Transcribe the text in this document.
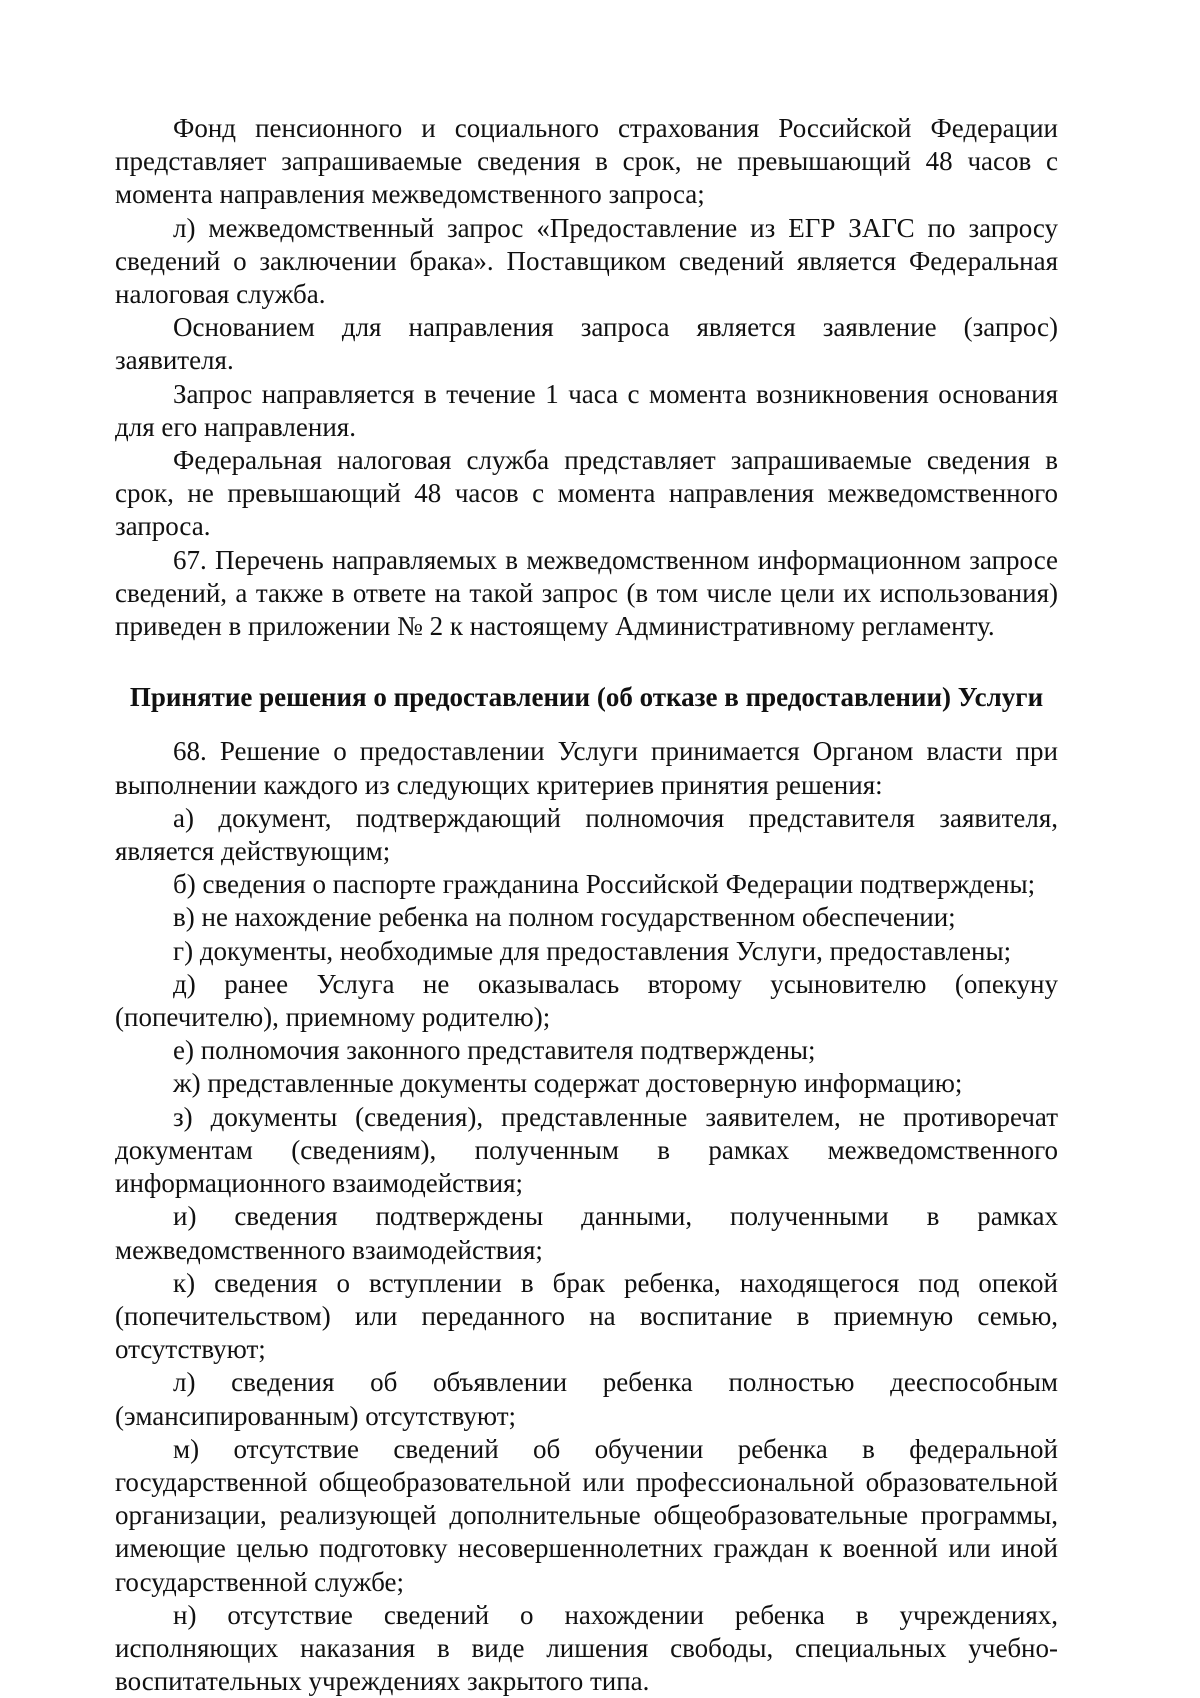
Фонд пенсионного и социального страхования Российской Федерации представляет запрашиваемые сведения в срок, не превышающий 48 часов с момента направления межведомственного запроса;

л) межведомственный запрос «Предоставление из ЕГР ЗАГС по запросу сведений о заключении брака». Поставщиком сведений является Федеральная налоговая служба.

Основанием для направления запроса является заявление (запрос) заявителя.

Запрос направляется в течение 1 часа с момента возникновения основания для его направления.

Федеральная налоговая служба представляет запрашиваемые сведения в срок, не превышающий 48 часов с момента направления межведомственного запроса.

67. Перечень направляемых в межведомственном информационном запросе сведений, а также в ответе на такой запрос (в том числе цели их использования) приведен в приложении № 2 к настоящему Административному регламенту.

Принятие решения о предоставлении (об отказе в предоставлении) Услуги

68. Решение о предоставлении Услуги принимается Органом власти при выполнении каждого из следующих критериев принятия решения:

а) документ, подтверждающий полномочия представителя заявителя, является действующим;

б) сведения о паспорте гражданина Российской Федерации подтверждены;

в) не нахождение ребенка на полном государственном обеспечении;

г) документы, необходимые для предоставления Услуги, предоставлены;

д) ранее Услуга не оказывалась второму усыновителю (опекуну (попечителю), приемному родителю);

е) полномочия законного представителя подтверждены;

ж) представленные документы содержат достоверную информацию;

з) документы (сведения), представленные заявителем, не противоречат документам (сведениям), полученным в рамках межведомственного информационного взаимодействия;

и) сведения подтверждены данными, полученными в рамках межведомственного взаимодействия;

к) сведения о вступлении в брак ребенка, находящегося под опекой (попечительством) или переданного на воспитание в приемную семью, отсутствуют;

л) сведения об объявлении ребенка полностью дееспособным (эмансипированным) отсутствуют;

м) отсутствие сведений об обучении ребенка в федеральной государственной общеобразовательной или профессиональной образовательной организации, реализующей дополнительные общеобразовательные программы, имеющие целью подготовку несовершеннолетних граждан к военной или иной государственной службе;

н) отсутствие сведений о нахождении ребенка в учреждениях, исполняющих наказания в виде лишения свободы, специальных учебно-воспитательных учреждениях закрытого типа.
